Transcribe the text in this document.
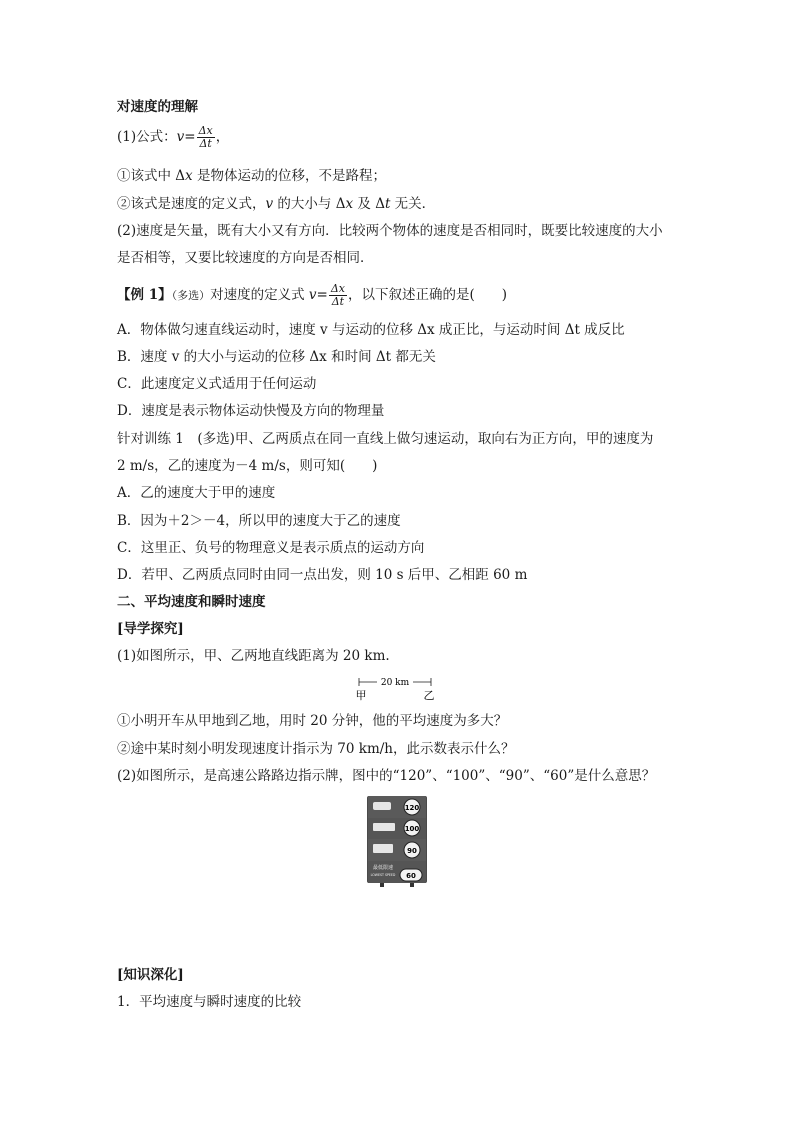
对速度的理解
(1)公式：$v= \frac{\Delta x}{\Delta t}$ ，
①该式中 Δx 是物体运动的位移，不是路程；
②该式是速度的定义式，v 的大小与 Δx 及 Δt 无关．
(2)速度是矢量，既有大小又有方向．比较两个物体的速度是否相同时，既要比较速度的大小
是否相等，又要比较速度的方向是否相同．
【例 1】（多选）对速度的定义式 $v= \frac{\Delta x}{\Delta t}$ ，以下叙述正确的是(　　)
A．物体做匀速直线运动时，速度 v 与运动的位移 Δx 成正比，与运动时间 Δt 成反比
B．速度 v 的大小与运动的位移 Δx 和时间 Δt 都无关
C．此速度定义式适用于任何运动
D．速度是表示物体运动快慢及方向的物理量
针对训练 1　(多选)甲、乙两质点在同一直线上做匀速运动，取向右为正方向，甲的速度为
2 m/s，乙的速度为－4 m/s，则可知(　　)
A．乙的速度大于甲的速度
B．因为＋2＞－4，所以甲的速度大于乙的速度
C．这里正、负号的物理意义是表示质点的运动方向
D．若甲、乙两质点同时由同一点出发，则 10 s 后甲、乙相距 60 m
二、平均速度和瞬时速度
[导学探究]
(1)如图所示，甲、乙两地直线距离为 20 km.
20 km
甲	乙
①小明开车从甲地到乙地，用时 20 分钟，他的平均速度为多大？
②途中某时刻小明发现速度计指示为 70 km/h，此示数表示什么？
(2)如图所示，是高速公路路边指示牌，图中的“120”、“100”、“90”、“60”是什么意思？
120
100
90
60
最低限速
LOWEST SPEED
[知识深化]
1．平均速度与瞬时速度的比较
